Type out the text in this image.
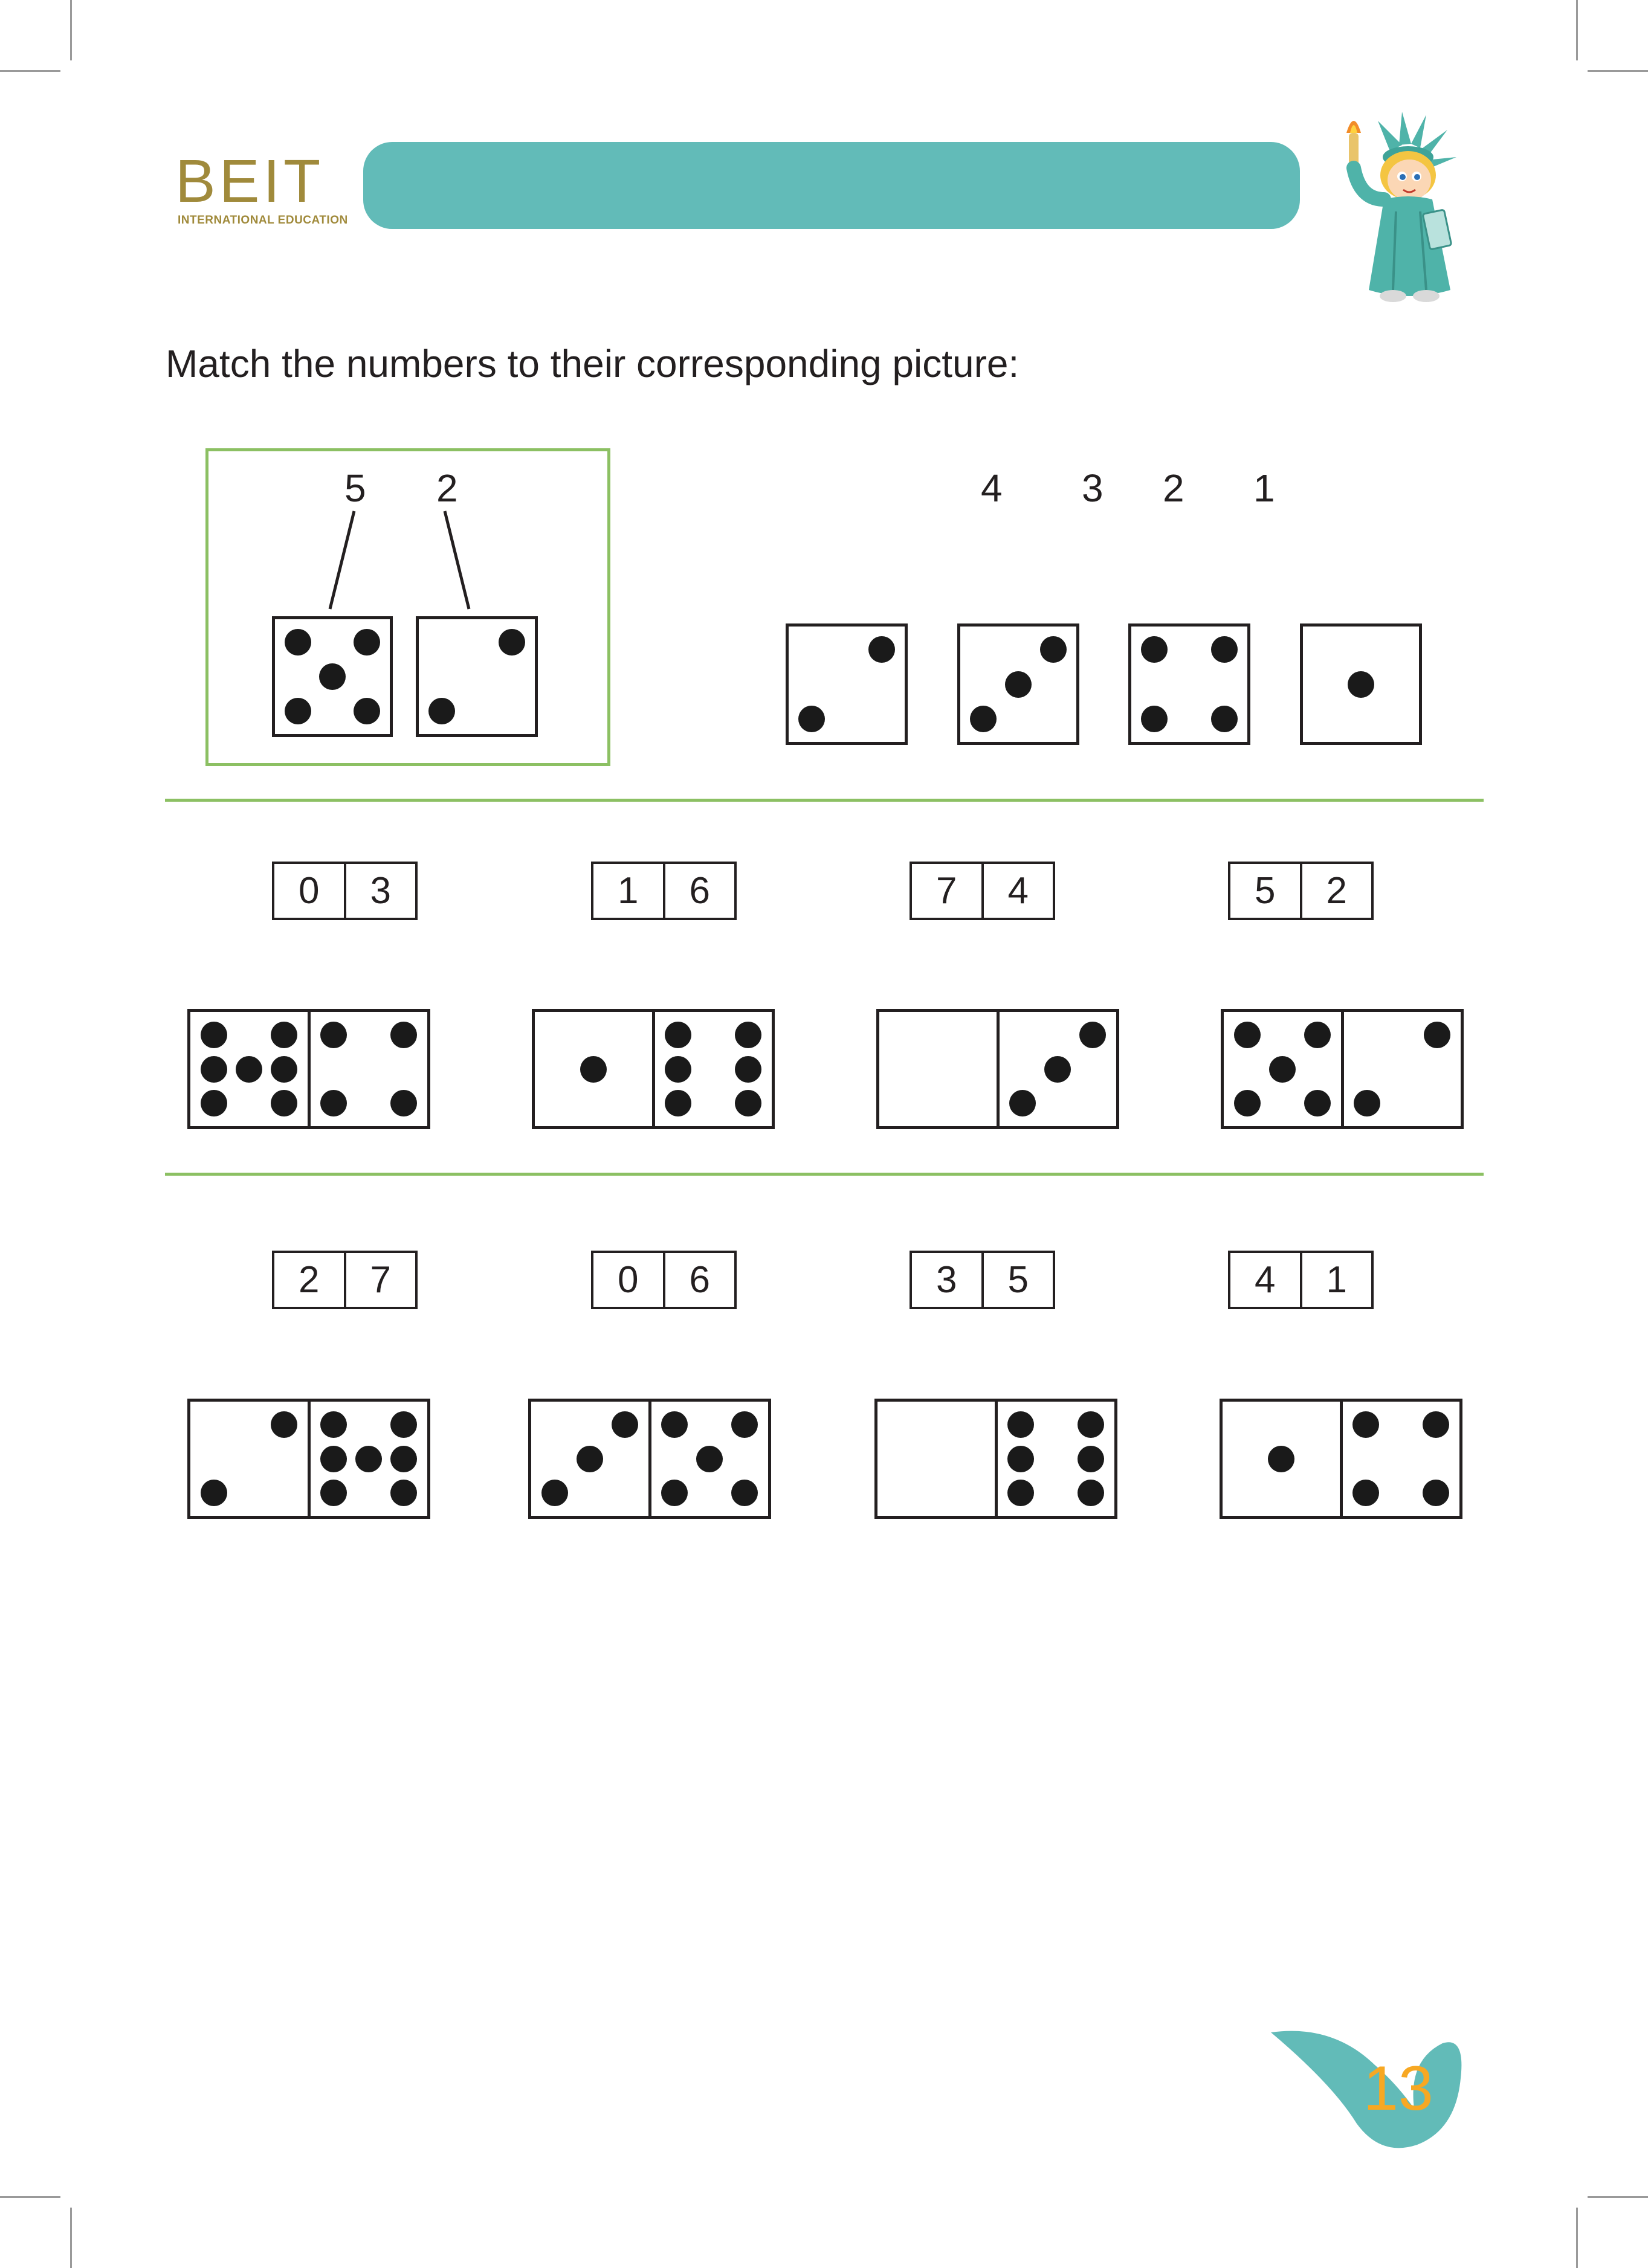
BEIT
INTERNATIONAL EDUCATION
Match the numbers to their corresponding picture:
5 2	4 3 2 1
0	3	1	6	7	4	5	2
2	7	0	6	3	5	4	1
13
